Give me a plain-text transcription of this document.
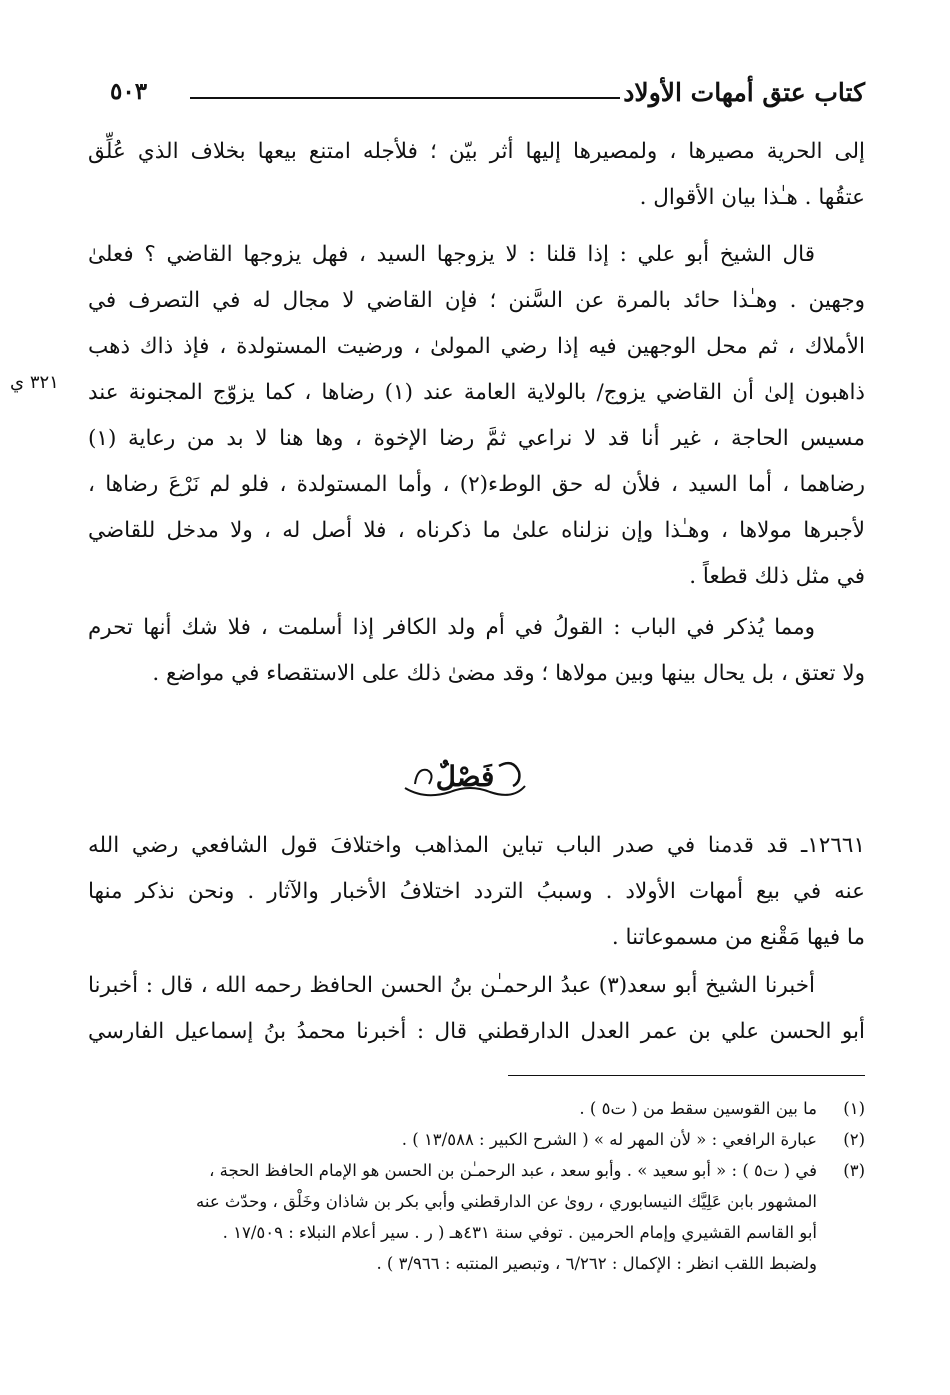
كتاب عتق أمهات الأولاد
٥٠٣
٣٢١ ي
إلى الحرية مصيرها ، ولمصيرها إليها أثر بيّن ؛ فلأجله امتنع بيعها بخلاف الذي عُلِّق
عتقُها . هـٰذا بيان الأقوال .
قال الشيخ أبو علي : إذا قلنا : لا يزوجها السيد ، فهل يزوجها القاضي ؟ فعلىٰ
وجهين . وهـٰذا حائد بالمرة عن السَّنن ؛ فإن القاضي لا مجال له في التصرف في
الأملاك ، ثم محل الوجهين فيه إذا رضي المولىٰ ، ورضيت المستولدة ، فإذ ذاك ذهب
ذاهبون إلىٰ أن القاضي يزوج/ بالولاية العامة عند (١) رضاها ، كما يزوّج المجنونة عند
مسيس الحاجة ، غير أنا قد لا نراعي ثمَّ رضا الإخوة ، وها هنا لا بد من رعاية (١)
رضاهما ، أما السيد ، فلأن له حق الوطء(٢) ، وأما المستولدة ، فلو لم نَرْعَ رضاها ،
لأجبرها مولاها ، وهـٰذا وإن نزلناه علىٰ ما ذكرناه ، فلا أصل له ، ولا مدخل للقاضي
في مثل ذلك قطعاً .
ومما يُذكر في الباب : القولُ في أم ولد الكافر إذا أسلمت ، فلا شك أنها تحرم
ولا تعتق ، بل يحال بينها وبين مولاها ؛ وقد مضىٰ ذلك على الاستقصاء في مواضع .
فَصْلٌ
١٢٦٦١ـ قد قدمنا في صدر الباب تباين المذاهب واختلافَ قول الشافعي رضي الله
عنه في بيع أمهات الأولاد . وسببُ التردد اختلافُ الأخبار والآثار . ونحن نذكر منها
ما فيها مَقْنع من مسموعاتنا .
أخبرنا الشيخ أبو سعد(٣) عبدُ الرحمـٰن بنُ الحسن الحافظ رحمه الله ، قال : أخبرنا
أبو الحسن علي بن عمر العدل الدارقطني قال : أخبرنا محمدُ بنُ إسماعيل الفارسي
(١)
ما بين القوسين سقط من ( ت٥ ) .
(٢)
عبارة الرافعي : « لأن المهر له » ( الشرح الكبير : ١٣/٥٨٨ ) .
(٣)
في ( ت٥ ) : « أبو سعيد » . وأبو سعد ، عبد الرحمـٰن بن الحسن هو الإمام الحافظ الحجة ،
المشهور بابن عَلِيَّك النيسابوري ، روىٰ عن الدارقطني وأبي بكر بن شاذان وخَلْق ، وحدّث عنه
أبو القاسم القشيري وإمام الحرمين . توفي سنة ٤٣١هـ ( ر . سير أعلام النبلاء : ١٧/٥٠٩ .
ولضبط اللقب انظر : الإكمال : ٦/٢٦٢ ، وتبصير المنتبه : ٣/٩٦٦ ) .
